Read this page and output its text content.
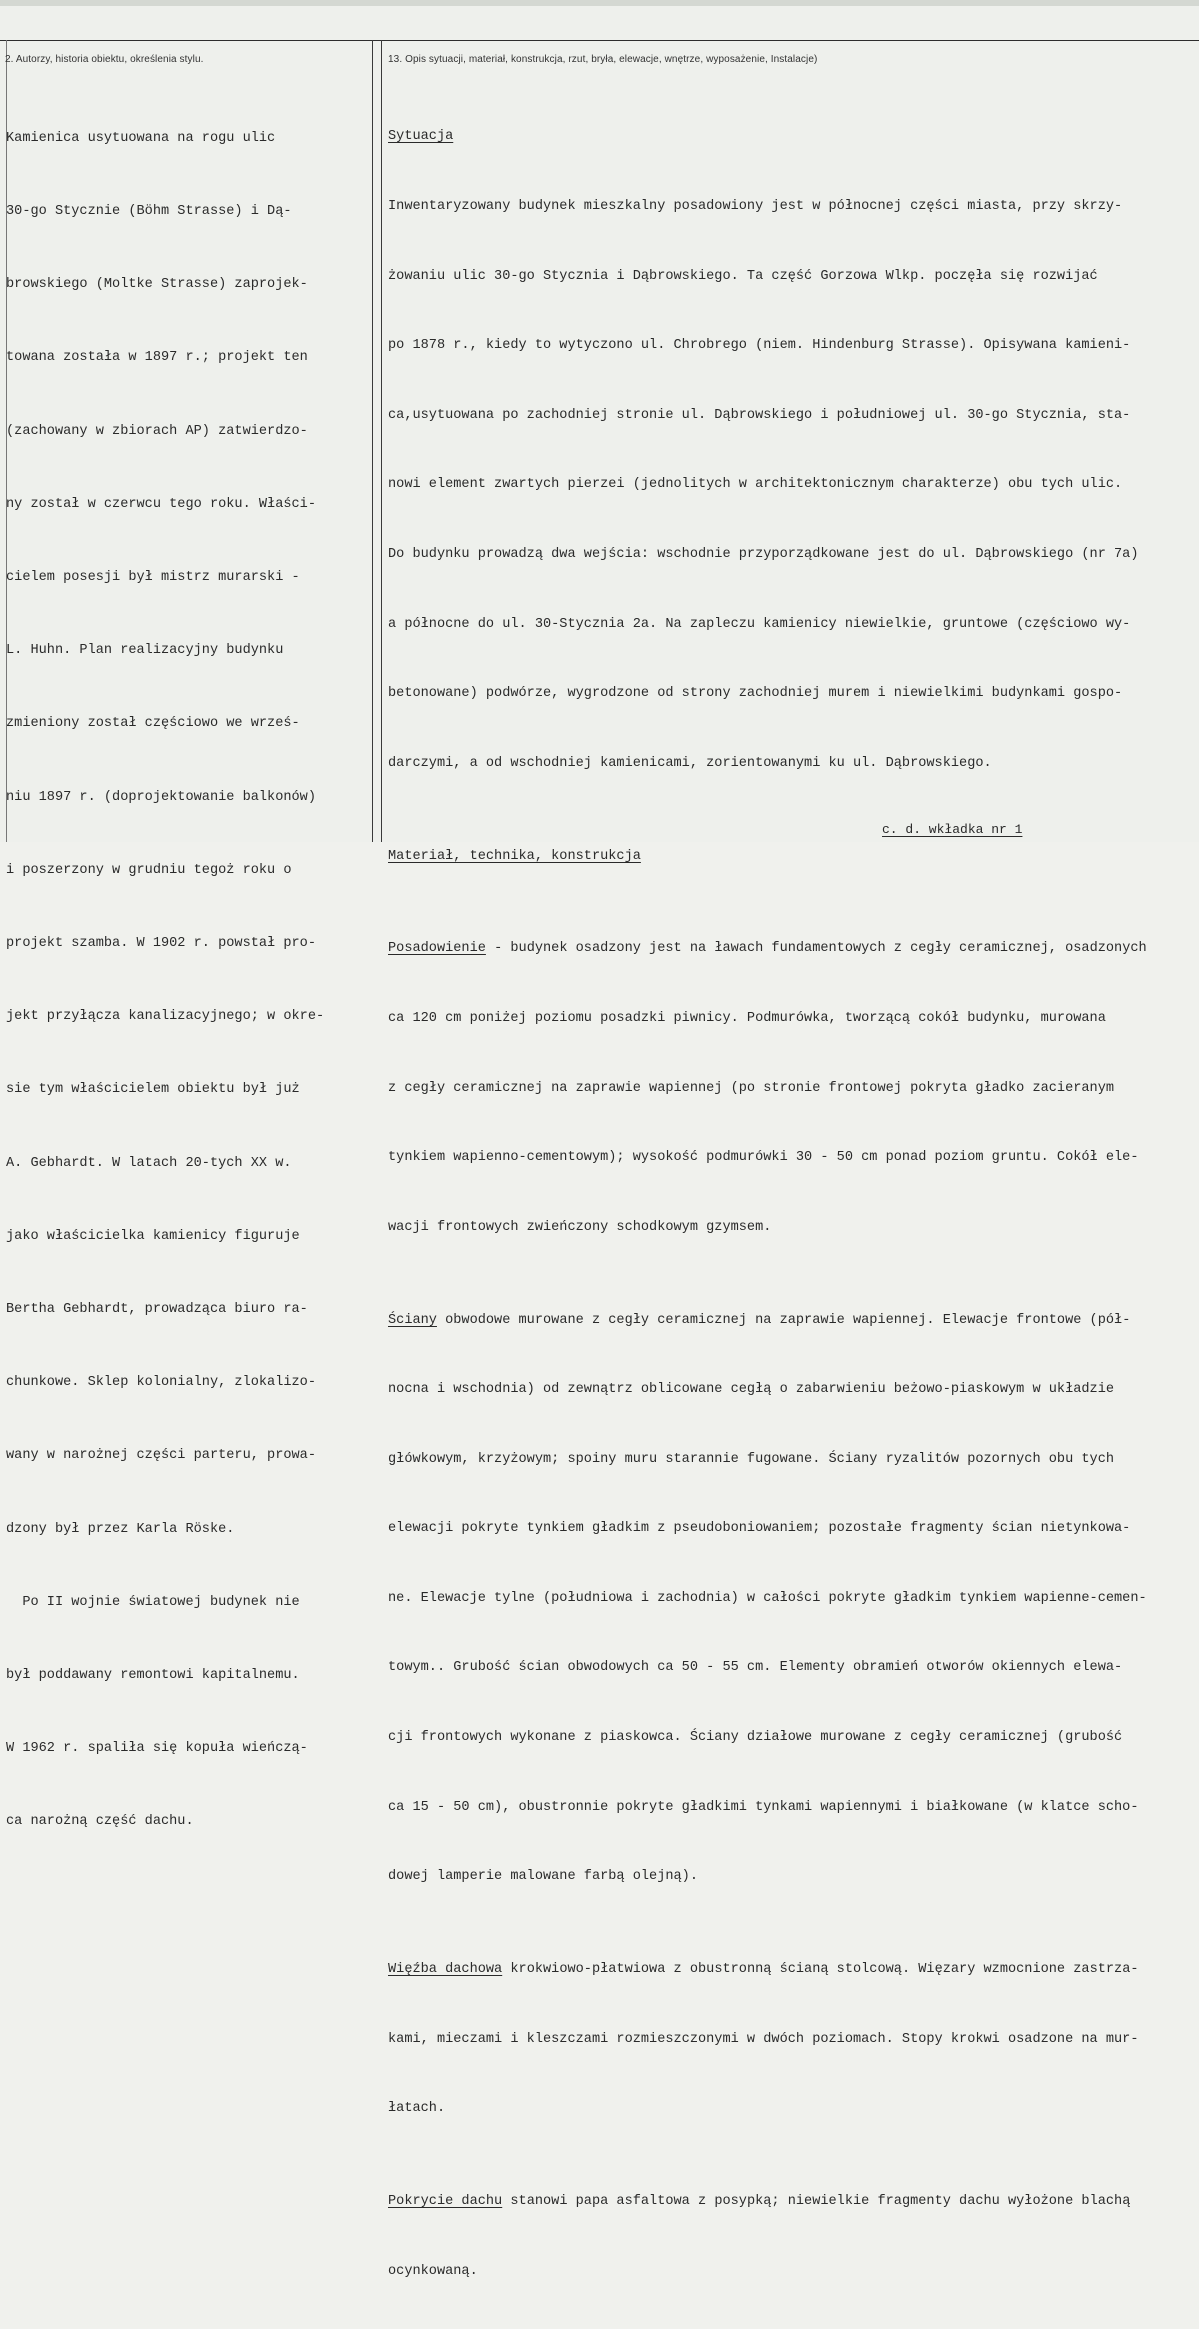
2. Autorzy, historia obiektu, określenia stylu.	13. Opis sytuacji, materiał, konstrukcja, rzut, bryła, elewacje, wnętrze, wyposażenie, Instalacje)

Kamienica usytuowana na rogu ulic

30-go Stycznie (Böhm Strasse) i Dą-

browskiego (Moltke Strasse) zaprojek-

towana została w 1897 r.; projekt ten

(zachowany w zbiorach AP) zatwierdzo-

ny został w czerwcu tego roku. Właści-

cielem posesji był mistrz murarski -

L. Huhn. Plan realizacyjny budynku

zmieniony został częściowo we wrześ-

niu 1897 r. (doprojektowanie balkonów)

i poszerzony w grudniu tegoż roku o

projekt szamba. W 1902 r. powstał pro-

jekt przyłącza kanalizacyjnego; w okre-

sie tym właścicielem obiektu był już

A. Gebhardt. W latach 20-tych XX w.

jako właścicielka kamienicy figuruje

Bertha Gebhardt, prowadząca biuro ra-

chunkowe. Sklep kolonialny, zlokalizo-

wany w narożnej części parteru, prowa-

dzony był przez Karla Röske.

Po II wojnie światowej budynek nie

był poddawany remontowi kapitalnemu.

W 1962 r. spaliła się kopuła wieńczą-

ca narożną część dachu.

Sytuacja

Inwentaryzowany budynek mieszkalny posadowiony jest w północnej części miasta, przy skrzy-

żowaniu ulic 30-go Stycznia i Dąbrowskiego. Ta część Gorzowa Wlkp. poczęła się rozwijać

po 1878 r., kiedy to wytyczono ul. Chrobrego (niem. Hindenburg Strasse). Opisywana kamieni-

ca,usytuowana po zachodniej stronie ul. Dąbrowskiego i południowej ul. 30-go Stycznia, sta-

nowi element zwartych pierzei (jednolitych w architektonicznym charakterze) obu tych ulic.

Do budynku prowadzą dwa wejścia: wschodnie przyporządkowane jest do ul. Dąbrowskiego (nr 7a)

a północne do ul. 30-Stycznia 2a. Na zapleczu kamienicy niewielkie, gruntowe (częściowo wy-

betonowane) podwórze, wygrodzone od strony zachodniej murem i niewielkimi budynkami gospo-

darczymi, a od wschodniej kamienicami, zorientowanymi ku ul. Dąbrowskiego.

Materiał, technika, konstrukcja

Posadowienie - budynek osadzony jest na ławach fundamentowych z cegły ceramicznej, osadzonych

ca 120 cm poniżej poziomu posadzki piwnicy. Podmurówka, tworzącą cokół budynku, murowana

z cegły ceramicznej na zaprawie wapiennej (po stronie frontowej pokryta gładko zacieranym

tynkiem wapienno-cementowym); wysokość podmurówki 30 - 50 cm ponad poziom gruntu. Cokół ele-

wacji frontowych zwieńczony schodkowym gzymsem.

Ściany obwodowe murowane z cegły ceramicznej na zaprawie wapiennej. Elewacje frontowe (pół-

nocna i wschodnia) od zewnątrz oblicowane cegłą o zabarwieniu beżowo-piaskowym w układzie

główkowym, krzyżowym; spoiny muru starannie fugowane. Ściany ryzalitów pozornych obu tych

elewacji pokryte tynkiem gładkim z pseudoboniowaniem; pozostałe fragmenty ścian nietynkowa-

ne. Elewacje tylne (południowa i zachodnia) w całości pokryte gładkim tynkiem wapienne-cemen-

towym.. Grubość ścian obwodowych ca 50 - 55 cm. Elementy obramień otworów okiennych elewa-

cji frontowych wykonane z piaskowca. Ściany działowe murowane z cegły ceramicznej (grubość

ca 15 - 50 cm), obustronnie pokryte gładkimi tynkami wapiennymi i białkowane (w klatce scho-

dowej lamperie malowane farbą olejną).

Więźba dachowa krokwiowo-płatwiowa z obustronną ścianą stolcową. Więzary wzmocnione zastrza-

kami, mieczami i kleszczami rozmieszczonymi w dwóch poziomach. Stopy krokwi osadzone na mur-

łatach.

Pokrycie dachu stanowi papa asfaltowa z posypką; niewielkie fragmenty dachu wyłożone blachą

ocynkowaną.

c. d. wkładka nr 1
